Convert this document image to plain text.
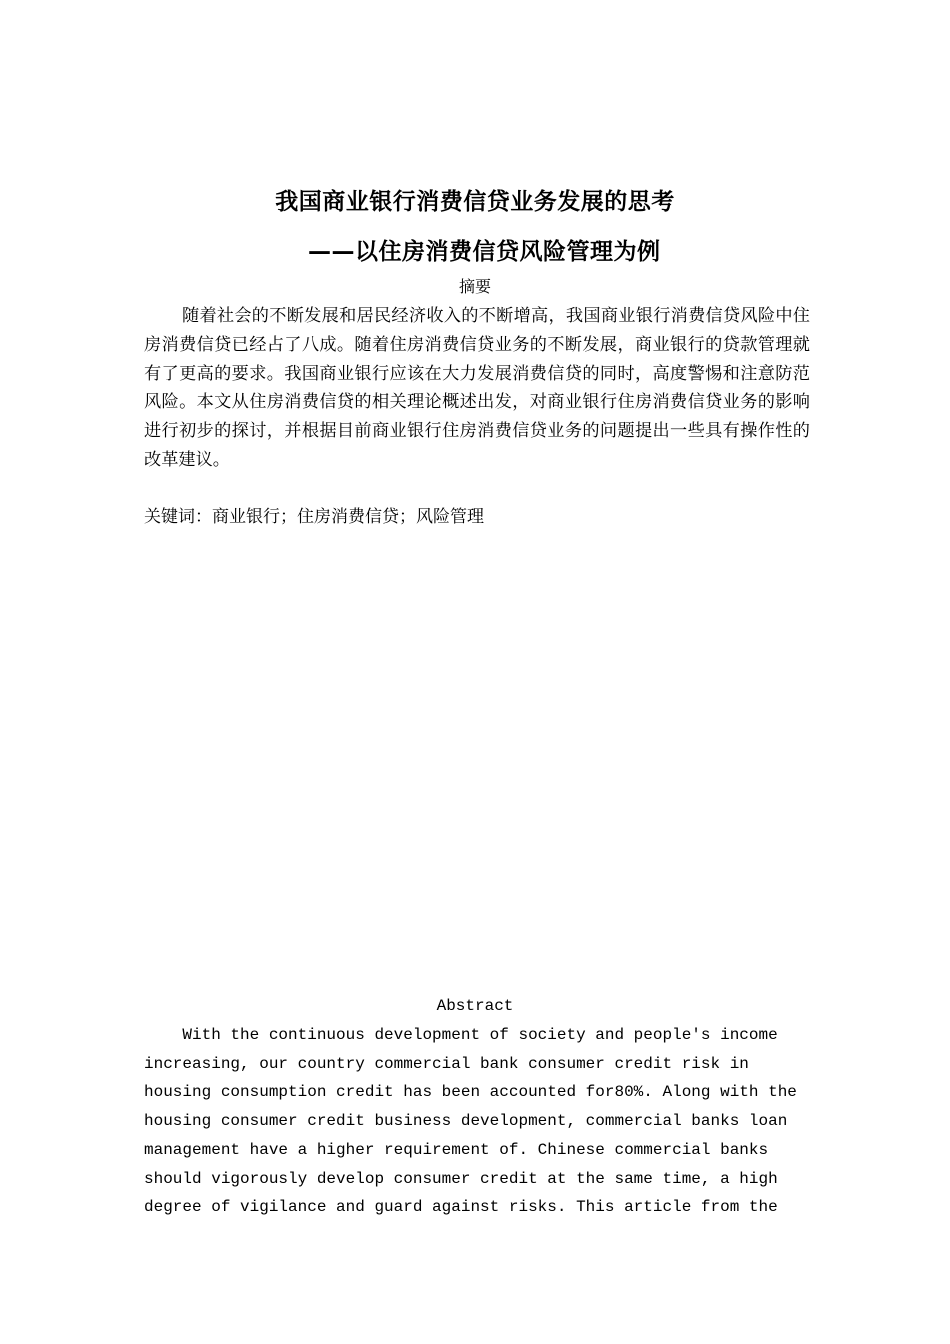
我国商业银行消费信贷业务发展的思考
——以住房消费信贷风险管理为例
摘要

随着社会的不断发展和居民经济收入的不断增高，我国商业银行消费信贷风险中住房消费信贷已经占了八成。随着住房消费信贷业务的不断发展，商业银行的贷款管理就有了更高的要求。我国商业银行应该在大力发展消费信贷的同时，高度警惕和注意防范风险。本文从住房消费信贷的相关理论概述出发，对商业银行住房消费信贷业务的影响进行初步的探讨，并根据目前商业银行住房消费信贷业务的问题提出一些具有操作性的改革建议。

关键词：商业银行；住房消费信贷；风险管理
Abstract
With the continuous development of society and people's income
increasing, our country commercial bank consumer credit risk in
housing consumption credit has been accounted for80%. Along with the
housing consumer credit business development, commercial banks loan
management have a higher requirement of. Chinese commercial banks
should vigorously develop consumer credit at the same time, a high
degree of vigilance and guard against risks. This article from the
